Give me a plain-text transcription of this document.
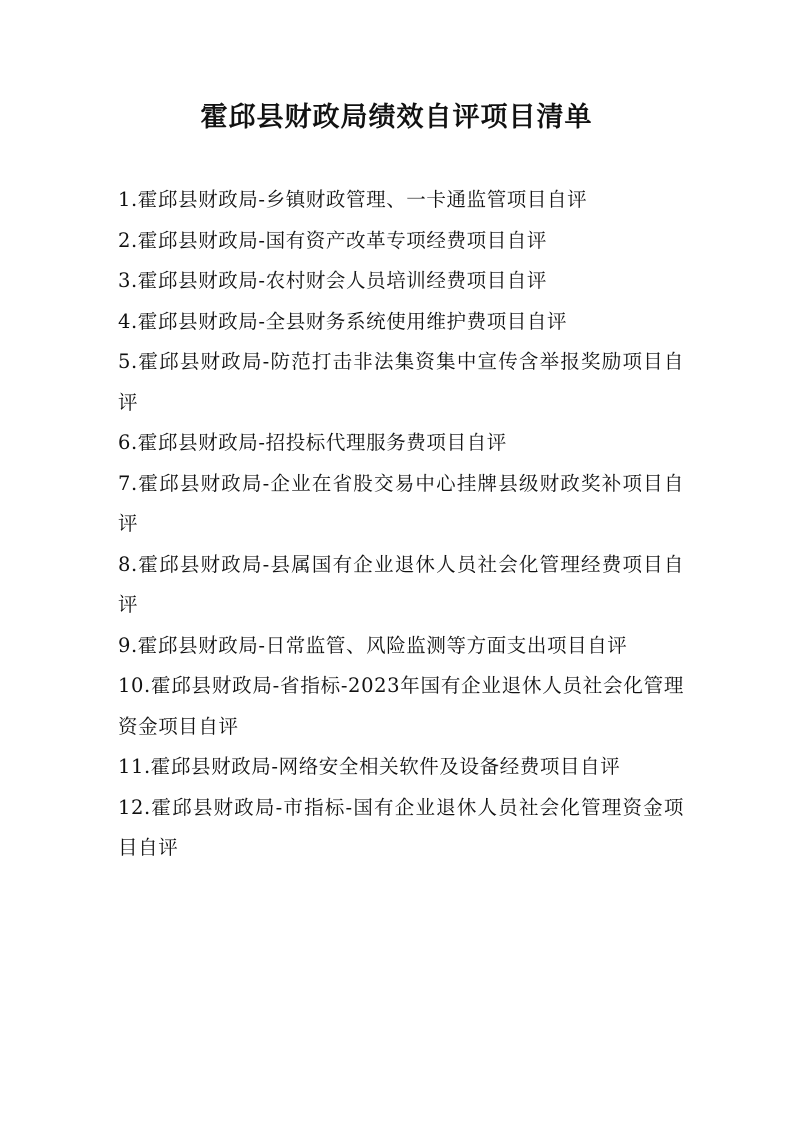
霍邱县财政局绩效自评项目清单
1.霍邱县财政局-乡镇财政管理、一卡通监管项目自评
2.霍邱县财政局-国有资产改革专项经费项目自评
3.霍邱县财政局-农村财会人员培训经费项目自评
4.霍邱县财政局-全县财务系统使用维护费项目自评
5.霍邱县财政局-防范打击非法集资集中宣传含举报奖励项目自评
6.霍邱县财政局-招投标代理服务费项目自评
7.霍邱县财政局-企业在省股交易中心挂牌县级财政奖补项目自评
8.霍邱县财政局-县属国有企业退休人员社会化管理经费项目自评
9.霍邱县财政局-日常监管、风险监测等方面支出项目自评
10.霍邱县财政局-省指标-2023年国有企业退休人员社会化管理资金项目自评
11.霍邱县财政局-网络安全相关软件及设备经费项目自评
12.霍邱县财政局-市指标-国有企业退休人员社会化管理资金项目自评
